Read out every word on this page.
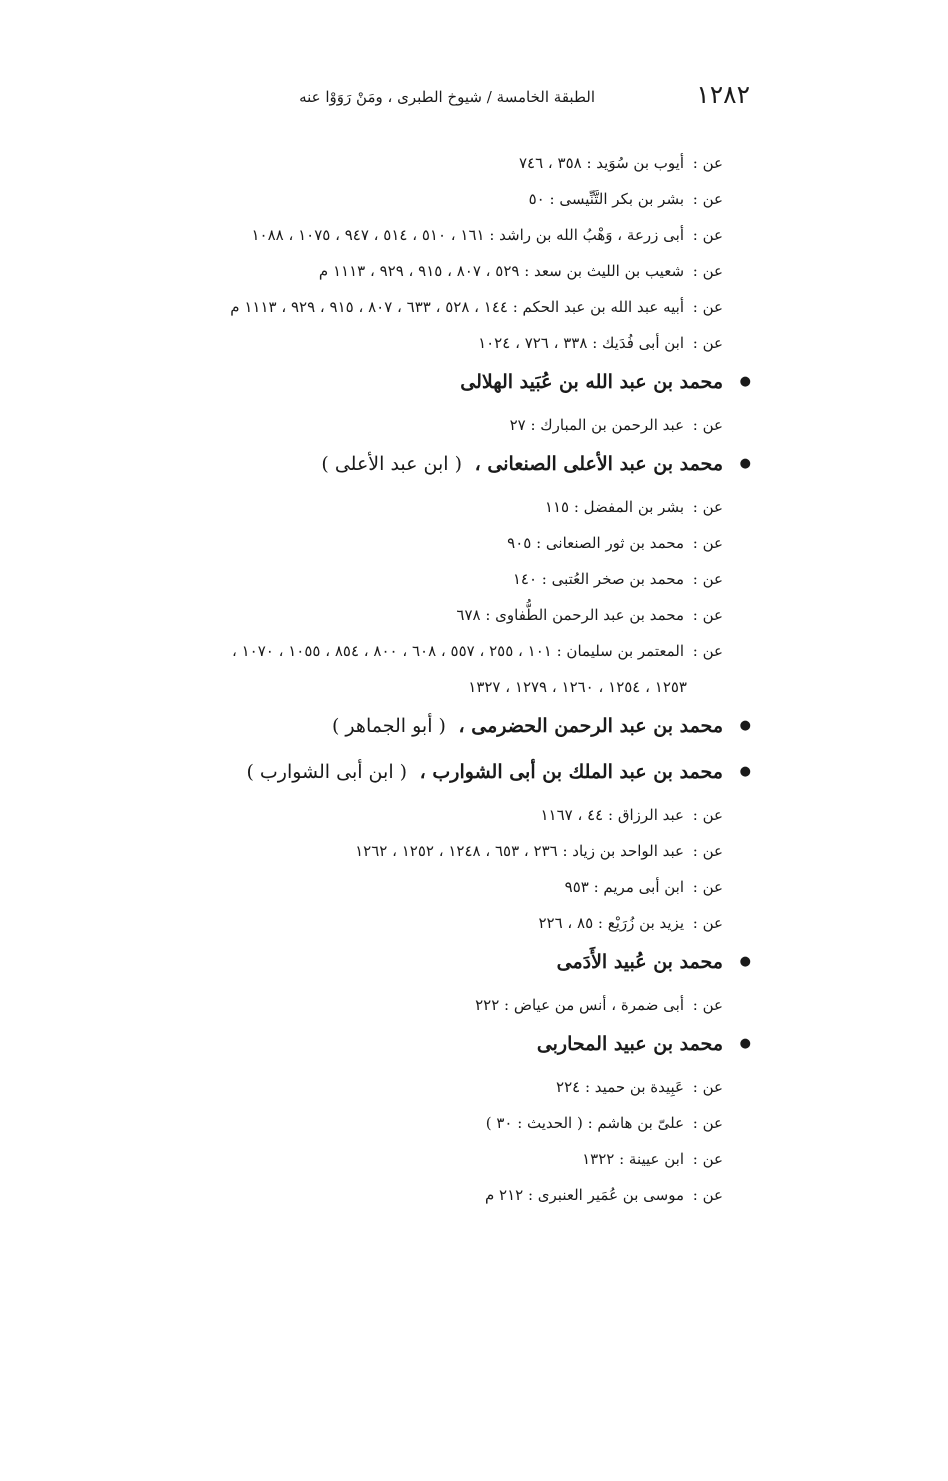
١٢٨٢
الطبقة الخامسة / شيوخ الطبرى ، ومَنْ رَوَوْا عنه
عن : أيوب بن سُوَيد : ٣٥٨ ، ٧٤٦
عن : بشر بن بكر التَّنِّيسى : ٥٠
عن : أبى زرعة ، وَهْبُ الله بن راشد : ١٦١ ، ٥١٠ ، ٥١٤ ، ٩٤٧ ، ١٠٧٥ ، ١٠٨٨
عن : شعيب بن الليث بن سعد : ٥٢٩ ، ٨٠٧ ، ٩١٥ ، ٩٢٩ ، ١١١٣ م
عن : أبيه عبد الله بن عبد الحكم : ١٤٤ ، ٥٢٨ ، ٦٣٣ ، ٨٠٧ ، ٩١٥ ، ٩٢٩ ، ١١١٣ م
عن : ابن أبى فُدَيك : ٣٣٨ ، ٧٢٦ ، ١٠٢٤
●
محمد بن عبد الله بن عُبَيد الهلالى
عن : عبد الرحمن بن المبارك : ٢٧
●
محمد بن عبد الأعلى الصنعانى ، ( ابن عبد الأعلى )
عن : بشر بن المفضل : ١١٥
عن : محمد بن ثور الصنعانى : ٩٠٥
عن : محمد بن صخر العُتبى : ١٤٠
عن : محمد بن عبد الرحمن الطُّفاوى : ٦٧٨
عن : المعتمر بن سليمان : ١٠١ ، ٢٥٥ ، ٥٥٧ ، ٦٠٨ ، ٨٠٠ ، ٨٥٤ ، ١٠٥٥ ، ١٠٧٠ ،
١٢٥٣ ، ١٢٥٤ ، ١٢٦٠ ، ١٢٧٩ ، ١٣٢٧
●
محمد بن عبد الرحمن الحضرمى ، ( أبو الجماهر )
●
محمد بن عبد الملك بن أبى الشوارب ، ( ابن أبى الشوارب )
عن : عبد الرزاق : ٤٤ ، ١١٦٧
عن : عبد الواحد بن زياد : ٢٣٦ ، ٦٥٣ ، ١٢٤٨ ، ١٢٥٢ ، ١٢٦٢
عن : ابن أبى مريم : ٩٥٣
عن : يزيد بن زُرَيْع : ٨٥ ، ٢٢٦
●
محمد بن عُبيد الأَدَمى
عن : أبى ضمرة ، أنس من عياض : ٢٢٢
●
محمد بن عبيد المحاربى
عن : عَبِيدة بن حميد : ٢٢٤
عن : علىّ بن هاشم : ( الحديث : ٣٠ )
عن : ابن عيينة : ١٣٢٢
عن : موسى بن عُمَير العنبرى : ٢١٢ م
